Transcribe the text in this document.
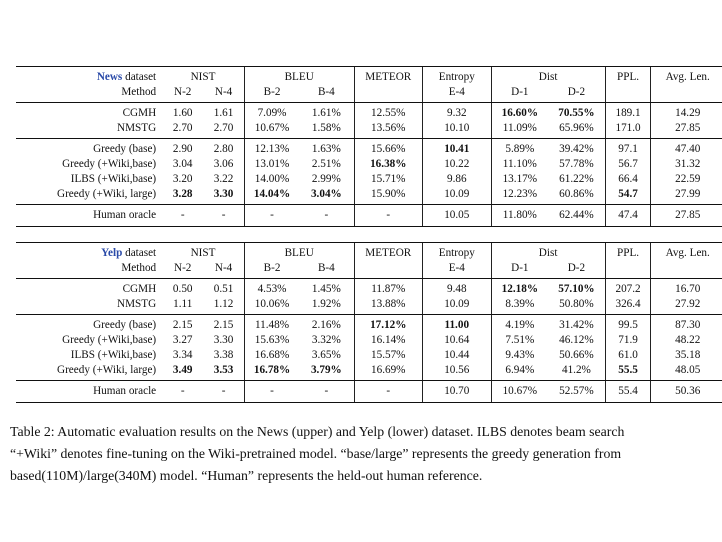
News dataset	NIST		BLEU		METEOR	Entropy	Dist		PPL.	Avg. Len.
Method	N-2	N-4	B-2	B-4		E-4	D-1	D-2		
CGMH	1.60	1.61	7.09%	1.61%	12.55%	9.32	16.60%	70.55%	189.1	14.29
NMSTG	2.70	2.70	10.67%	1.58%	13.56%	10.10	11.09%	65.96%	171.0	27.85
Greedy (base)	2.90	2.80	12.13%	1.63%	15.66%	10.41	5.89%	39.42%	97.1	47.40
Greedy (+Wiki,base)	3.04	3.06	13.01%	2.51%	16.38%	10.22	11.10%	57.78%	56.7	31.32
ILBS (+Wiki,base)	3.20	3.22	14.00%	2.99%	15.71%	9.86	13.17%	61.22%	66.4	22.59
Greedy (+Wiki, large)	3.28	3.30	14.04%	3.04%	15.90%	10.09	12.23%	60.86%	54.7	27.99
Human oracle	-	-	-	-	-	10.05	11.80%	62.44%	47.4	27.85
Yelp dataset	NIST		BLEU		METEOR	Entropy	Dist		PPL.	Avg. Len.
Method	N-2	N-4	B-2	B-4		E-4	D-1	D-2		
CGMH	0.50	0.51	4.53%	1.45%	11.87%	9.48	12.18%	57.10%	207.2	16.70
NMSTG	1.11	1.12	10.06%	1.92%	13.88%	10.09	8.39%	50.80%	326.4	27.92
Greedy (base)	2.15	2.15	11.48%	2.16%	17.12%	11.00	4.19%	31.42%	99.5	87.30
Greedy (+Wiki,base)	3.27	3.30	15.63%	3.32%	16.14%	10.64	7.51%	46.12%	71.9	48.22
ILBS (+Wiki,base)	3.34	3.38	16.68%	3.65%	15.57%	10.44	9.43%	50.66%	61.0	35.18
Greedy (+Wiki, large)	3.49	3.53	16.78%	3.79%	16.69%	10.56	6.94%	41.2%	55.5	48.05
Human oracle	-	-	-	-	-	10.70	10.67%	52.57%	55.4	50.36
Table 2: Automatic evaluation results on the News (upper) and Yelp (lower) dataset. ILBS denotes beam search
“+Wiki” denotes fine-tuning on the Wiki-pretrained model. “base/large” represents the greedy generation from
based(110M)/large(340M) model. “Human” represents the held-out human reference.
